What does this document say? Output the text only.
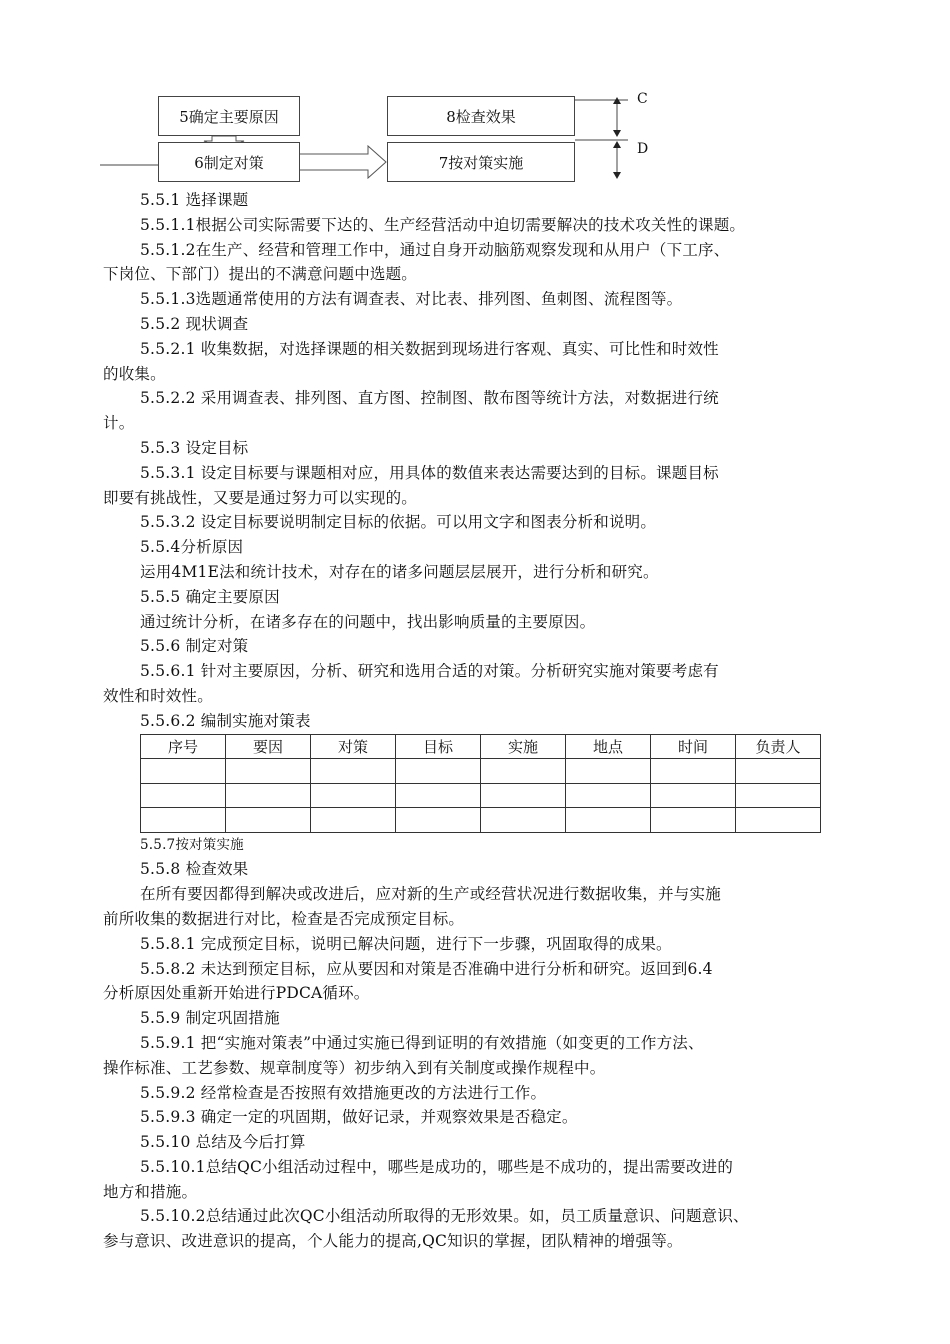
5确定主要原因
6制定对策
8检查效果
7按对策实施
C
D
5.5.1 选择课题
5.5.1.1根据公司实际需要下达的、生产经营活动中迫切需要解决的技术攻关性的课题。
5.5.1.2在生产、经营和管理工作中，通过自身开动脑筋观察发现和从用户（下工序、
下岗位、下部门）提出的不满意问题中选题。
5.5.1.3选题通常使用的方法有调查表、对比表、排列图、鱼刺图、流程图等。
5.5.2 现状调查
5.5.2.1 收集数据，对选择课题的相关数据到现场进行客观、真实、可比性和时效性
的收集。
5.5.2.2 采用调查表、排列图、直方图、控制图、散布图等统计方法，对数据进行统
计。
5.5.3 设定目标
5.5.3.1 设定目标要与课题相对应，用具体的数值来表达需要达到的目标。课题目标
即要有挑战性，又要是通过努力可以实现的。
5.5.3.2 设定目标要说明制定目标的依据。可以用文字和图表分析和说明。
5.5.4分析原因
运用4M1E法和统计技术，对存在的诸多问题层层展开，进行分析和研究。
5.5.5 确定主要原因
通过统计分析，在诸多存在的问题中，找出影响质量的主要原因。
5.5.6 制定对策
5.5.6.1 针对主要原因，分析、研究和选用合适的对策。分析研究实施对策要考虑有
效性和时效性。
5.5.6.2 编制实施对策表
序号	要因	对策	目标	实施	地点	时间	负责人

5.5.7按对策实施
5.5.8 检查效果
在所有要因都得到解决或改进后，应对新的生产或经营状况进行数据收集，并与实施
前所收集的数据进行对比，检查是否完成预定目标。
5.5.8.1 完成预定目标，说明已解决问题，进行下一步骤，巩固取得的成果。
5.5.8.2 未达到预定目标，应从要因和对策是否准确中进行分析和研究。返回到6.4
分析原因处重新开始进行PDCA循环。
5.5.9 制定巩固措施
5.5.9.1 把“实施对策表”中通过实施已得到证明的有效措施（如变更的工作方法、
操作标准、工艺参数、规章制度等）初步纳入到有关制度或操作规程中。
5.5.9.2 经常检查是否按照有效措施更改的方法进行工作。
5.5.9.3 确定一定的巩固期，做好记录，并观察效果是否稳定。
5.5.10 总结及今后打算
5.5.10.1总结QC小组活动过程中，哪些是成功的，哪些是不成功的，提出需要改进的
地方和措施。
5.5.10.2总结通过此次QC小组活动所取得的无形效果。如，员工质量意识、问题意识、
参与意识、改进意识的提高，个人能力的提高,QC知识的掌握，团队精神的增强等。
